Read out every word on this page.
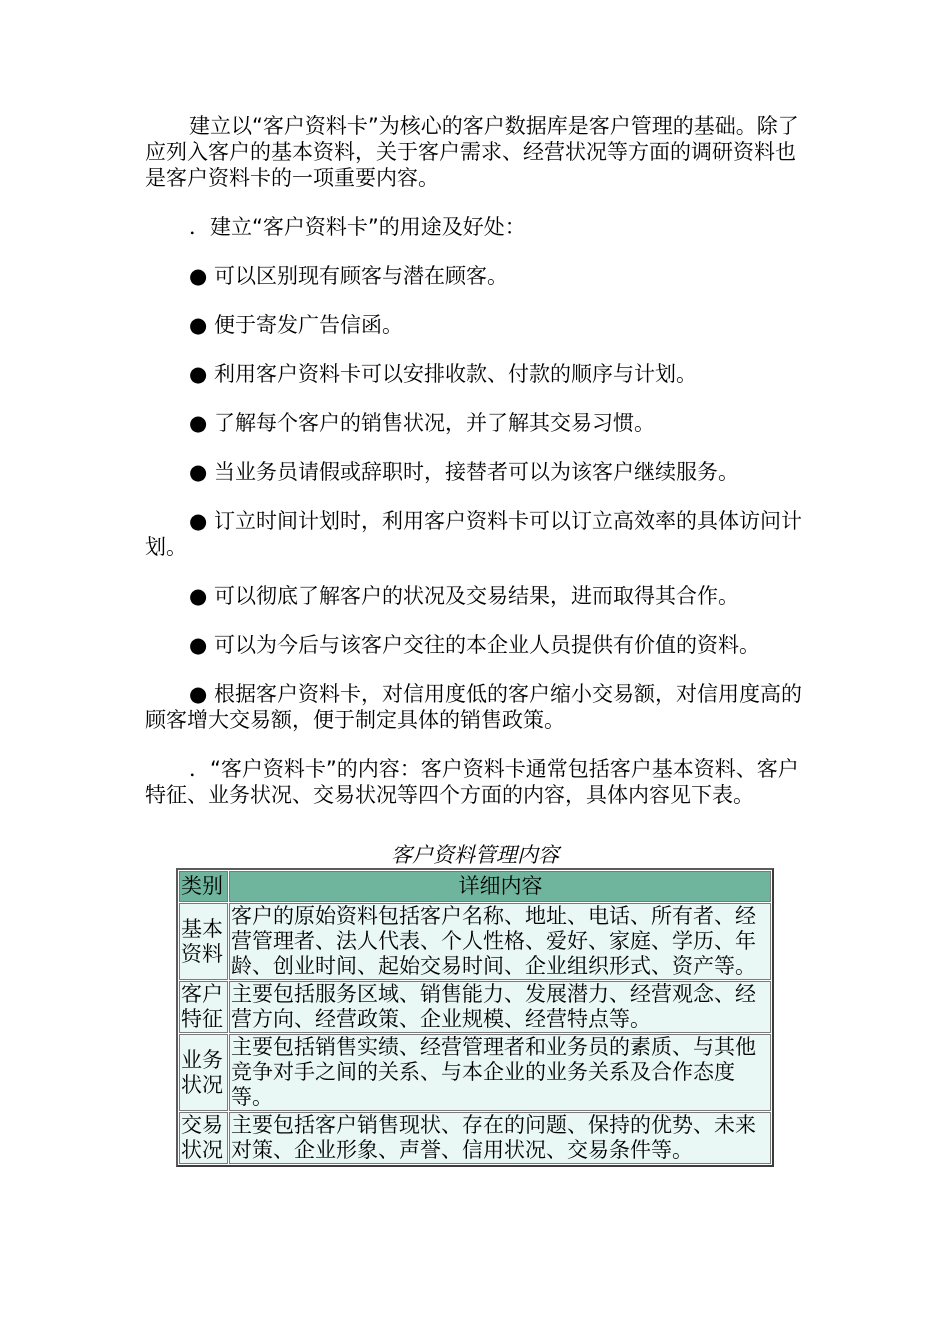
建立以“客户资料卡”为核心的客户数据库是客户管理的基础。除了应列入客户的基本资料，关于客户需求、经营状况等方面的调研资料也是客户资料卡的一项重要内容。

．建立“客户资料卡”的用途及好处：

● 可以区别现有顾客与潜在顾客。

● 便于寄发广告信函。

● 利用客户资料卡可以安排收款、付款的顺序与计划。

● 了解每个客户的销售状况，并了解其交易习惯。

● 当业务员请假或辞职时，接替者可以为该客户继续服务。

● 订立时间计划时，利用客户资料卡可以订立高效率的具体访问计划。

● 可以彻底了解客户的状况及交易结果，进而取得其合作。

● 可以为今后与该客户交往的本企业人员提供有价值的资料。

● 根据客户资料卡，对信用度低的客户缩小交易额，对信用度高的顾客增大交易额，便于制定具体的销售政策。

．“客户资料卡”的内容：客户资料卡通常包括客户基本资料、客户特征、业务状况、交易状况等四个方面的内容，具体内容见下表。

客户资料管理内容
类别	详细内容
基本资料	客户的原始资料包括客户名称、地址、电话、所有者、经营管理者、法人代表、个人性格、爱好、家庭、学历、年龄、创业时间、起始交易时间、企业组织形式、资产等。
客户特征	主要包括服务区域、销售能力、发展潜力、经营观念、经营方向、经营政策、企业规模、经营特点等。
业务状况	主要包括销售实绩、经营管理者和业务员的素质、与其他竞争对手之间的关系、与本企业的业务关系及合作态度等。
交易状况	主要包括客户销售现状、存在的问题、保持的优势、未来对策、企业形象、声誉、信用状况、交易条件等。
